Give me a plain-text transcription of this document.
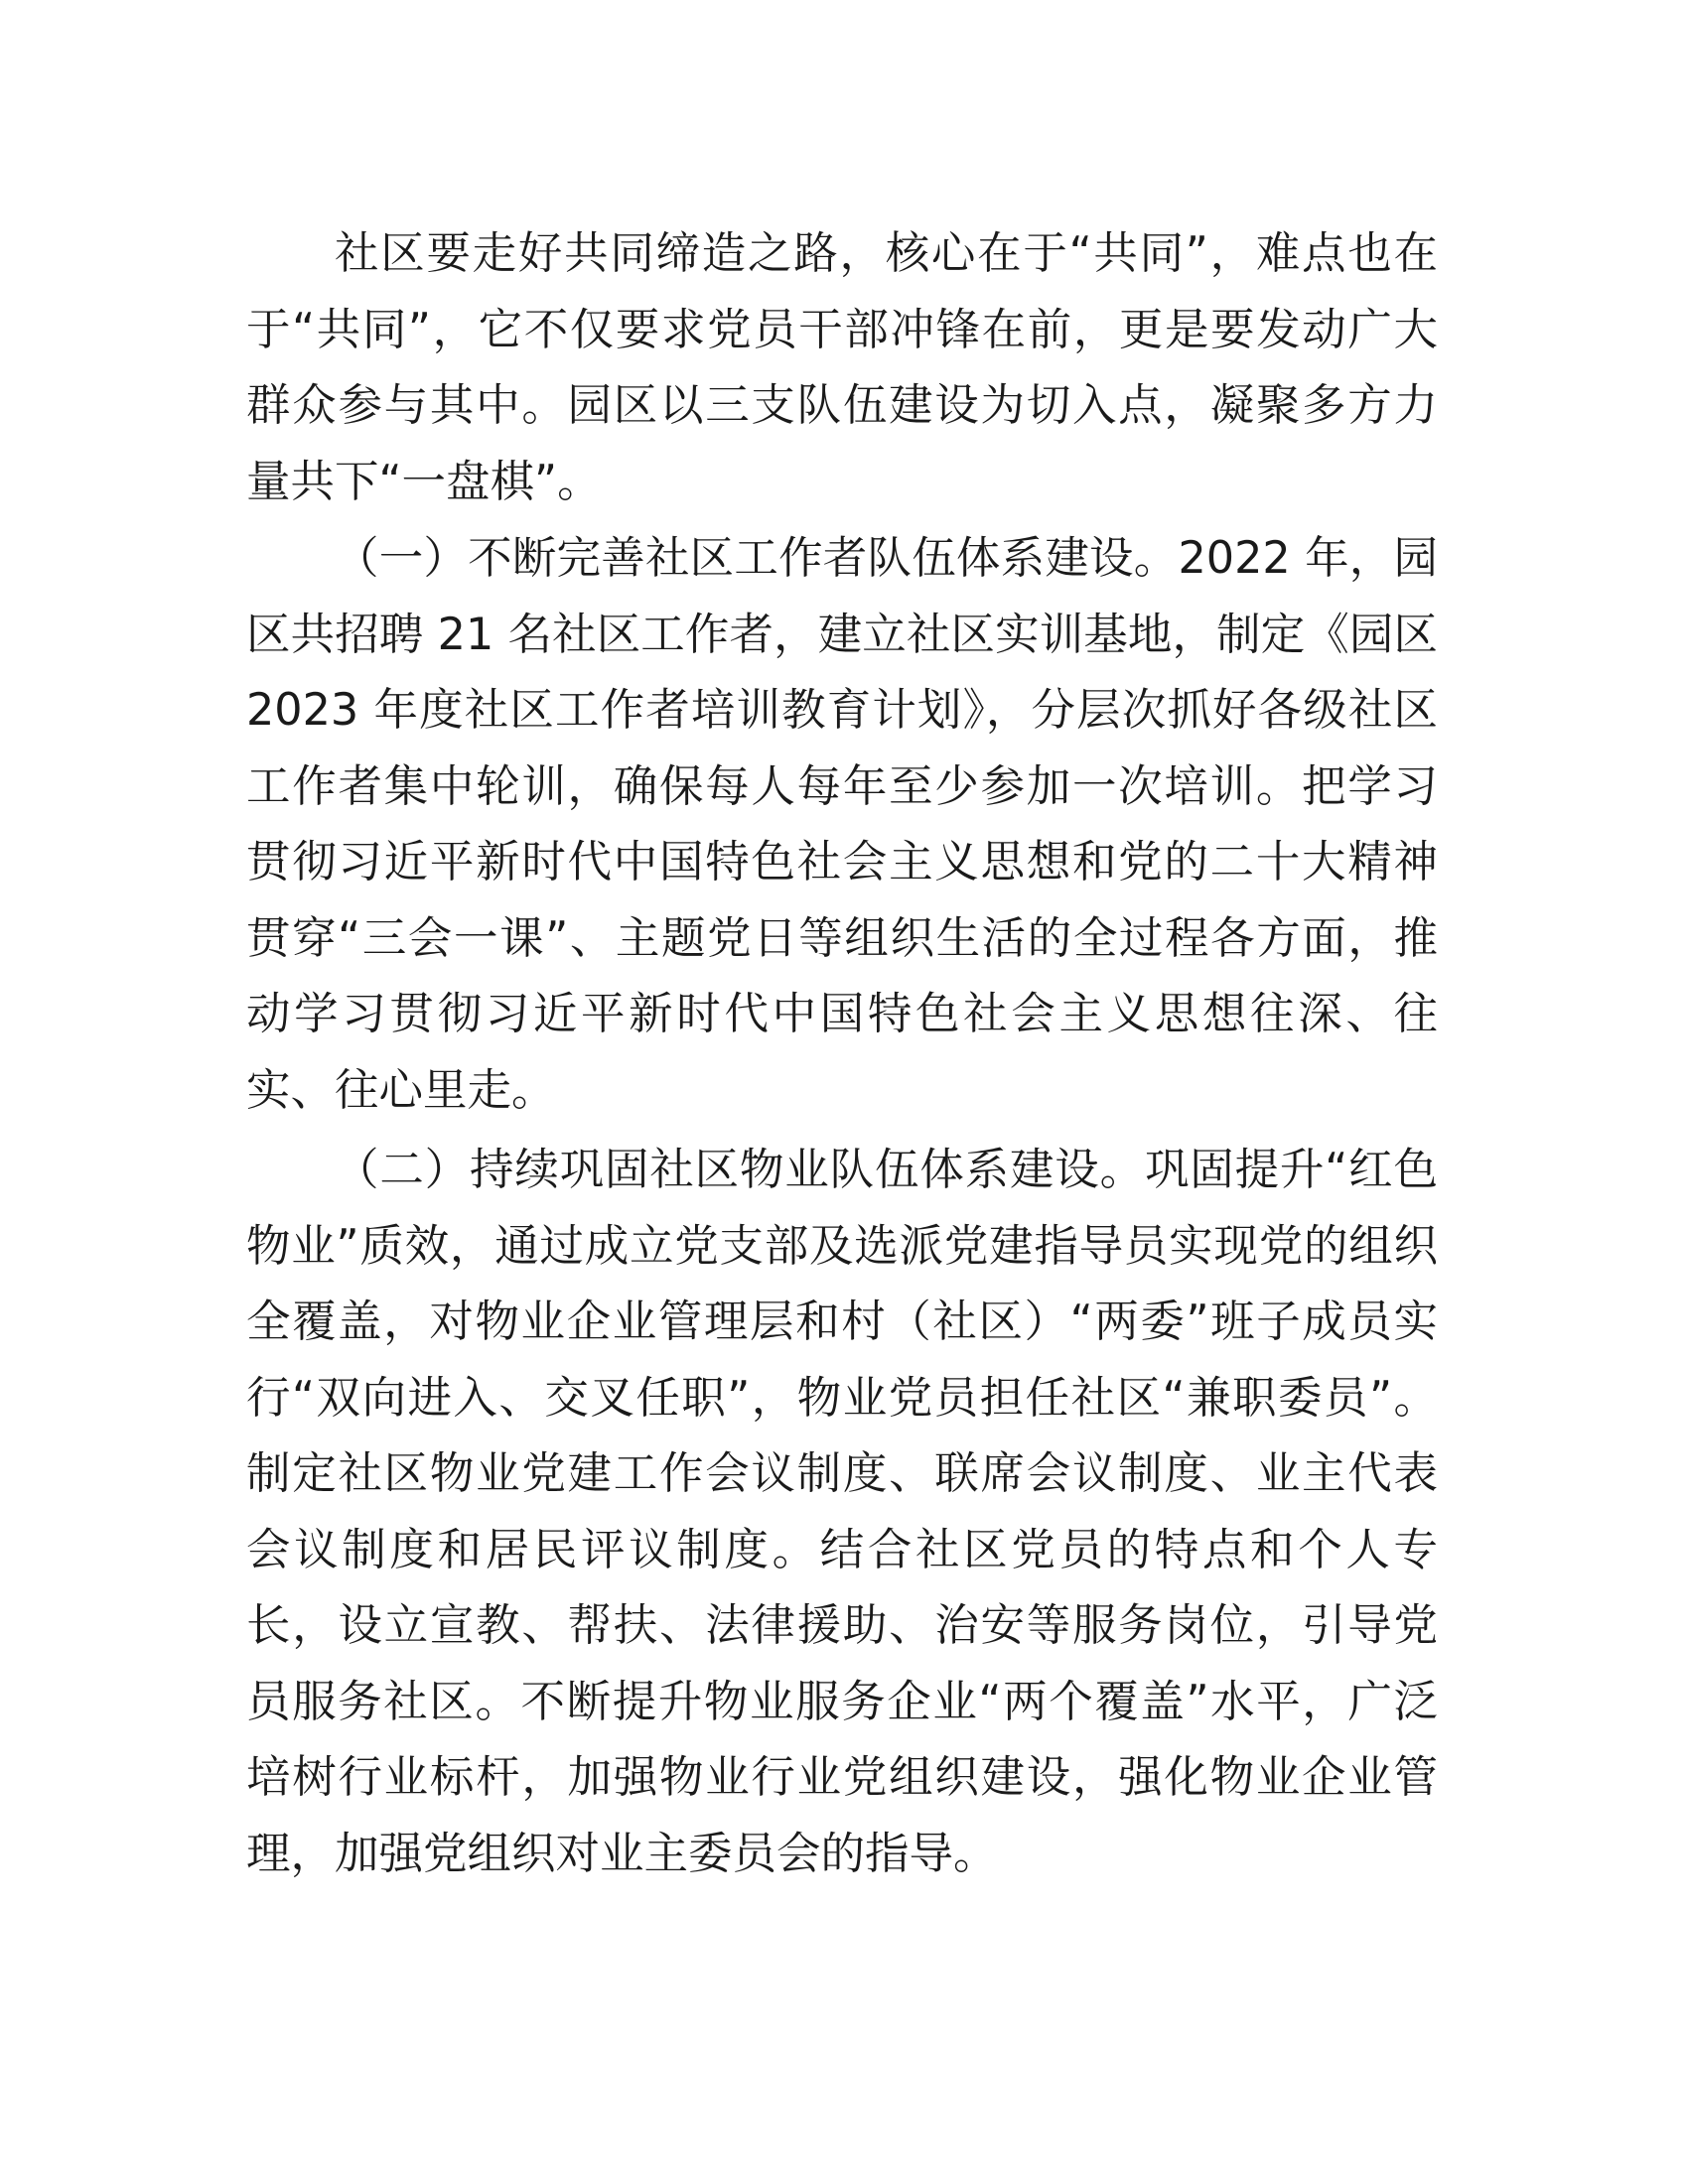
社区要走好共同缔造之路，核心在于“共同”，难点也在于“共同”，它不仅要求党员干部冲锋在前，更是要发动广大群众参与其中。园区以三支队伍建设为切入点，凝聚多方力量共下“一盘棋”。

（一）不断完善社区工作者队伍体系建设。2022 年，园区共招聘 21 名社区工作者，建立社区实训基地，制定《园区 2023 年度社区工作者培训教育计划》，分层次抓好各级社区工作者集中轮训，确保每人每年至少参加一次培训。把学习贯彻习近平新时代中国特色社会主义思想和党的二十大精神贯穿“三会一课”、主题党日等组织生活的全过程各方面，推动学习贯彻习近平新时代中国特色社会主义思想往深、往实、往心里走。

（二）持续巩固社区物业队伍体系建设。巩固提升“红色物业”质效，通过成立党支部及选派党建指导员实现党的组织全覆盖，对物业企业管理层和村（社区）“两委”班子成员实行“双向进入、交叉任职”，物业党员担任社区“兼职委员”。制定社区物业党建工作会议制度、联席会议制度、业主代表会议制度和居民评议制度。结合社区党员的特点和个人专长，设立宣教、帮扶、法律援助、治安等服务岗位，引导党员服务社区。不断提升物业服务企业“两个覆盖”水平，广泛培树行业标杆，加强物业行业党组织建设，强化物业企业管理，加强党组织对业主委员会的指导。
